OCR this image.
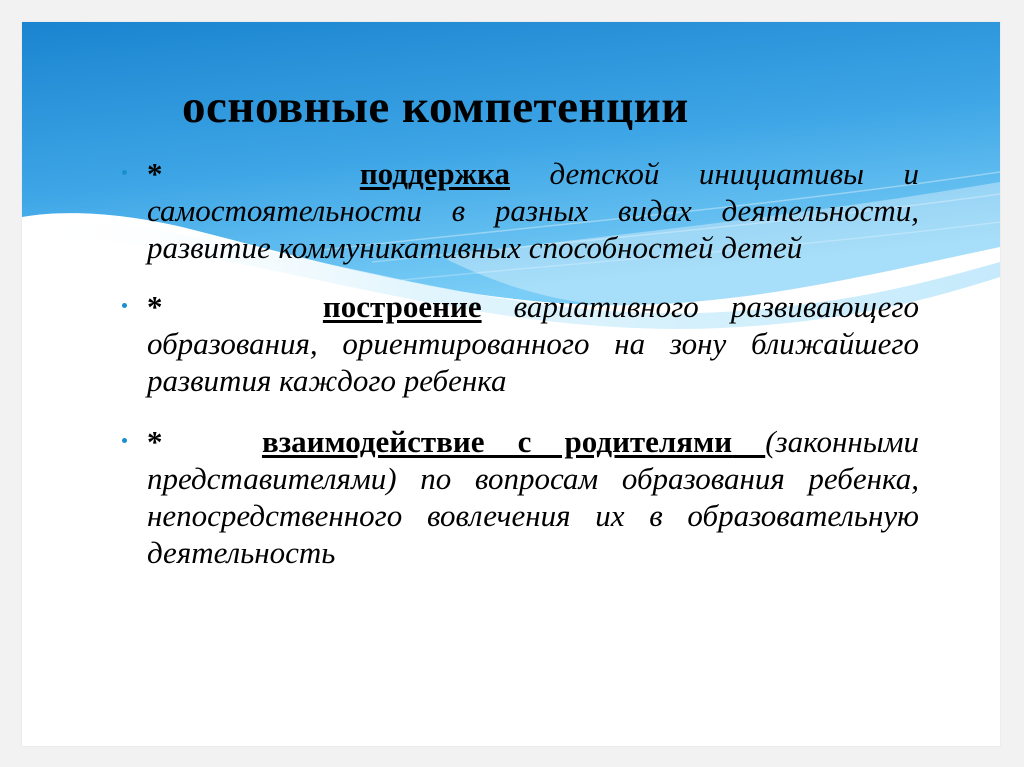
основные компетенции
*	поддержка детской инициативы и самостоятельности в разных видах деятельности, развитие коммуникативных способностей детей
*	построение вариативного развивающего образования, ориентированного на зону ближайшего развития каждого ребенка
*	взаимодействие с родителями (законными представителями) по вопросам образования ребенка, непосредственного вовлечения их в образовательную деятельность
